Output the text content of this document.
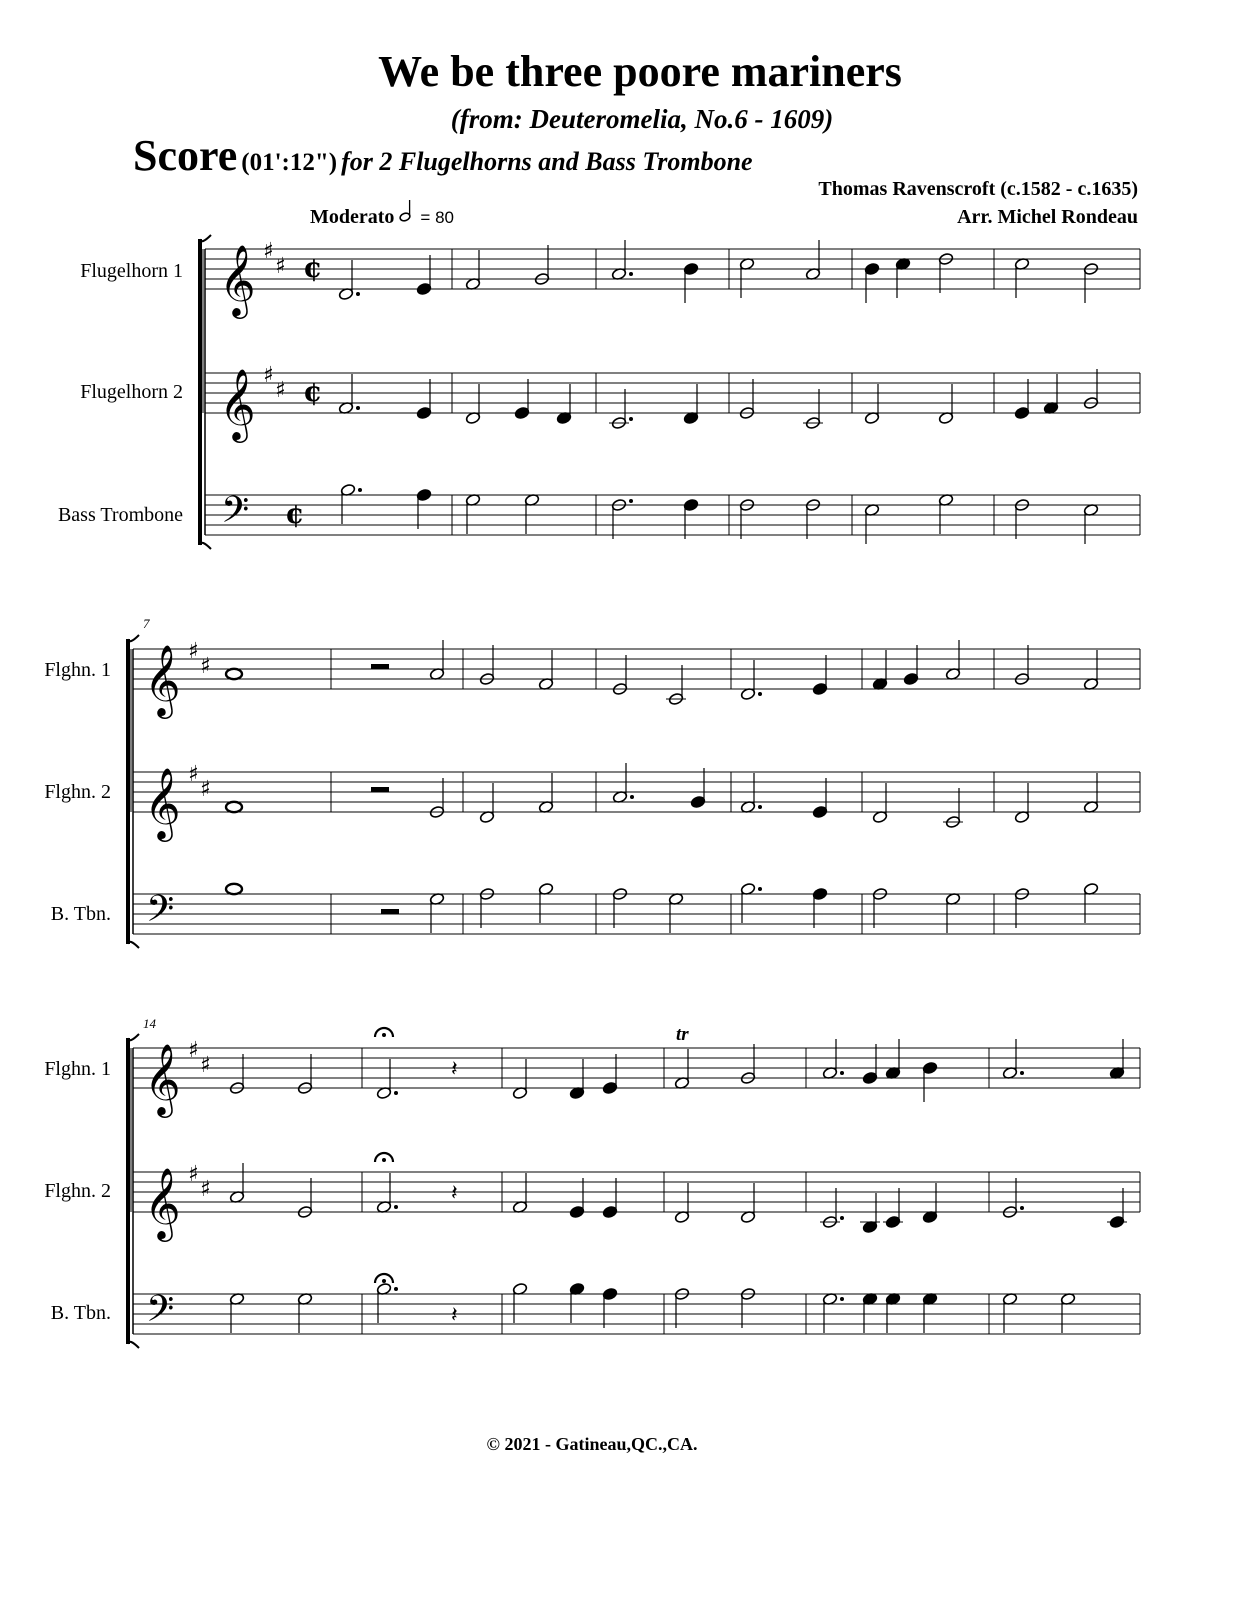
We be three poore mariners
(from: Deuteromelia, No.6 - 1609)
Score (01':12") for 2 Flugelhorns and Bass Trombone
Thomas Ravenscroft (c.1582 - c.1635)
Arr. Michel Rondeau
Moderato = 80
Flugelhorn 1
Flugelhorn 2
Bass Trombone
Flghn. 1
Flghn. 2
B. Tbn.
Flghn. 1
Flghn. 2
B. Tbn.
𝄞 ♯
♯ ¢
𝄞 ♯
♯ ¢
𝄢 ¢
𝄞 ♯
♯
𝄞 ♯
♯
𝄢
𝄞 ♯
♯
𝄞 ♯
♯
𝄢
𝄽
𝄽
𝄽
7
14
tr
© 2021 - Gatineau,QC.,CA.
